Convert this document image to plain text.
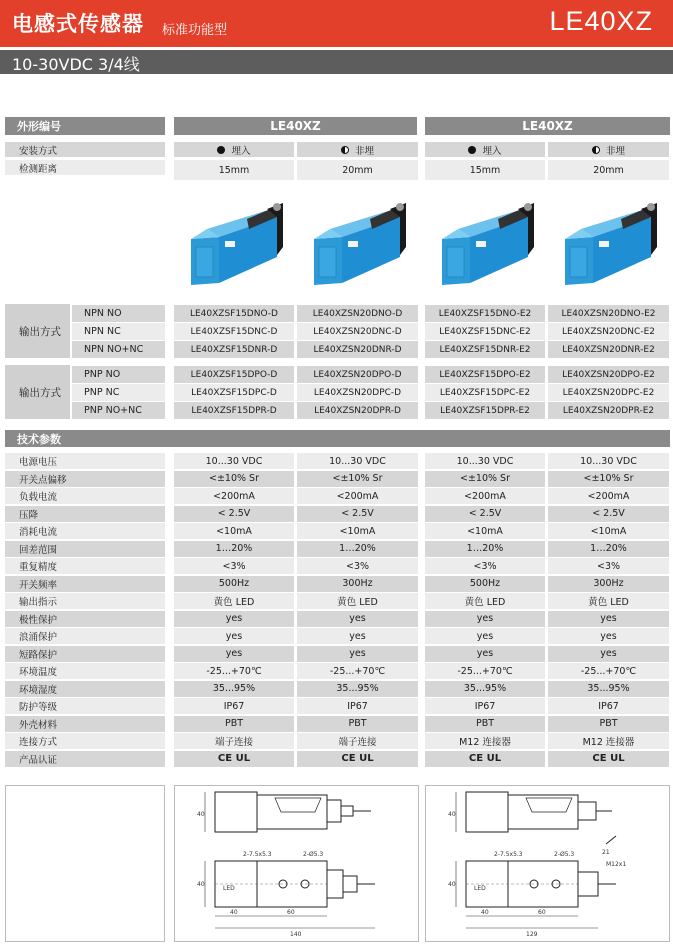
电感式传感器 标准功能型	LE40XZ
10-30VDC 3/4线
外形编号	LE40XZ	LE40XZ
安装方式	埋入	非埋	埋入	非埋
检测距离	15mm	20mm	15mm	20mm
输出方式
NPN NO	LE40XZSF15DNO-D	LE40XZSN20DNO-D	LE40XZSF15DNO-E2	LE40XZSN20DNO-E2
NPN NC	LE40XZSF15DNC-D	LE40XZSN20DNC-D	LE40XZSF15DNC-E2	LE40XZSN20DNC-E2
NPN NO+NC	LE40XZSF15DNR-D	LE40XZSN20DNR-D	LE40XZSF15DNR-E2	LE40XZSN20DNR-E2
输出方式
PNP NO	LE40XZSF15DPO-D	LE40XZSN20DPO-D	LE40XZSF15DPO-E2	LE40XZSN20DPO-E2
PNP NC	LE40XZSF15DPC-D	LE40XZSN20DPC-D	LE40XZSF15DPC-E2	LE40XZSN20DPC-E2
PNP NO+NC	LE40XZSF15DPR-D	LE40XZSN20DPR-D	LE40XZSF15DPR-E2	LE40XZSN20DPR-E2
技术参数
电源电压	10...30 VDC	10...30 VDC	10...30 VDC	10...30 VDC
开关点偏移	<±10% Sr	<±10% Sr	<±10% Sr	<±10% Sr
负载电流	<200mA	<200mA	<200mA	<200mA
压降	< 2.5V	< 2.5V	< 2.5V	< 2.5V
消耗电流	<10mA	<10mA	<10mA	<10mA
回差范围	1…20%	1…20%	1…20%	1…20%
重复精度	<3%	<3%	<3%	<3%
开关频率	500Hz	300Hz	500Hz	300Hz
输出指示	黄色 LED	黄色 LED	黄色 LED	黄色 LED
极性保护	yes	yes	yes	yes
浪涌保护	yes	yes	yes	yes
短路保护	yes	yes	yes	yes
环境温度	-25...+70℃	-25...+70℃	-25...+70℃	-25...+70℃
环境湿度	35...95%	35...95%	35...95%	35...95%
防护等级	IP67	IP67	IP67	IP67
外壳材料	PBT	PBT	PBT	PBT
连接方式	端子连接	端子连接	M12 连接器	M12 连接器
产品认证	CE UL	CE UL	CE UL	CE UL
40
2-7.5x5.3	2-Ø5.3
LED
40
40	60
140
40
2-7.5x5.3	2-Ø5.3
LED
40
40	60
129
21
M12x1
